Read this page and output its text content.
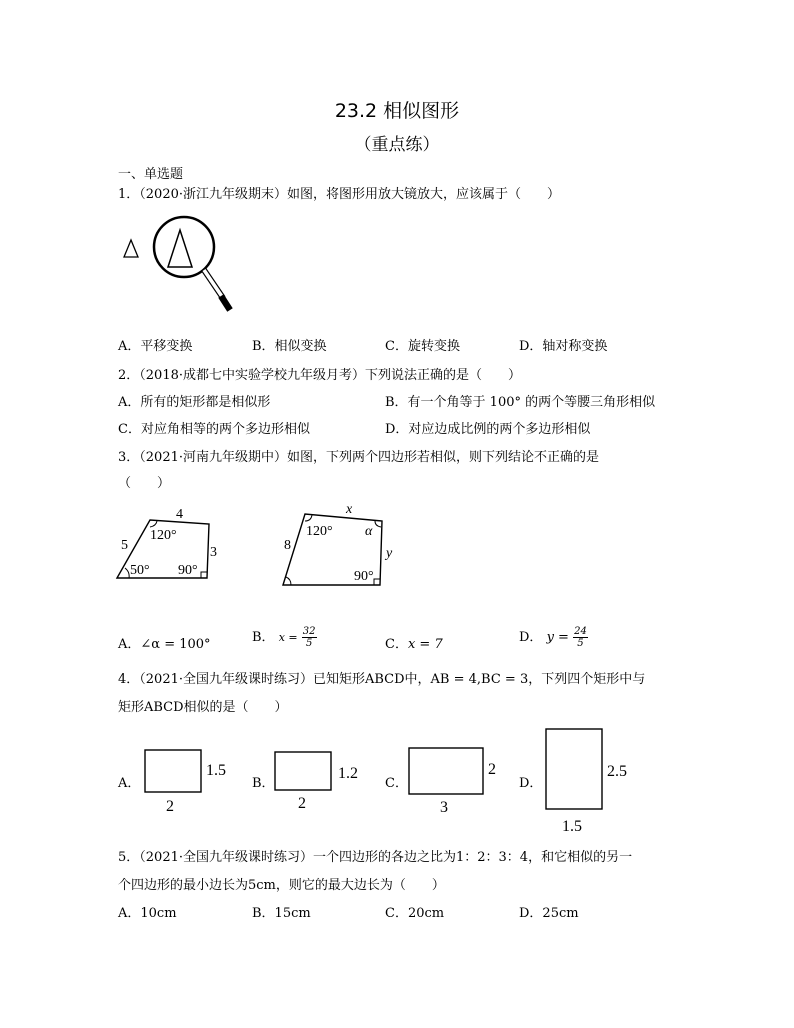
23.2 相似图形
（重点练）
一、单选题
1．（2020·浙江九年级期末）如图，将图形用放大镜放大，应该属于（　　）
A．平移变换	B．相似变换	C．旋转变换	D．轴对称变换
2．（2018·成都七中实验学校九年级月考）下列说法正确的是（　　）
A．所有的矩形都是相似形	B．有一个角等于 100° 的两个等腰三角形相似
C．对应角相等的两个多边形相似	D．对应边成比例的两个多边形相似
3．（2021·河南九年级期中）如图，下列两个四边形若相似，则下列结论不正确的是
（　　）
4
5	3
120°
50° 90°
x
8
y
120° α
90°
A．∠α = 100°	B． $x = \frac{32}{5}$	C．x = 7	D． $y = \frac{24}{5}$
4．（2021·全国九年级课时练习）已知矩形ABCD中，AB = 4,BC = 3，下列四个矩形中与
矩形ABCD相似的是（　　）
A．
1.5
2
B．
1.2
2
C．
2
3
D．
2.5
1.5
5．（2021·全国九年级课时练习）一个四边形的各边之比为1：2：3：4，和它相似的另一
个四边形的最小边长为5cm，则它的最大边长为（　　）
A．10cm	B．15cm	C．20cm	D．25cm
